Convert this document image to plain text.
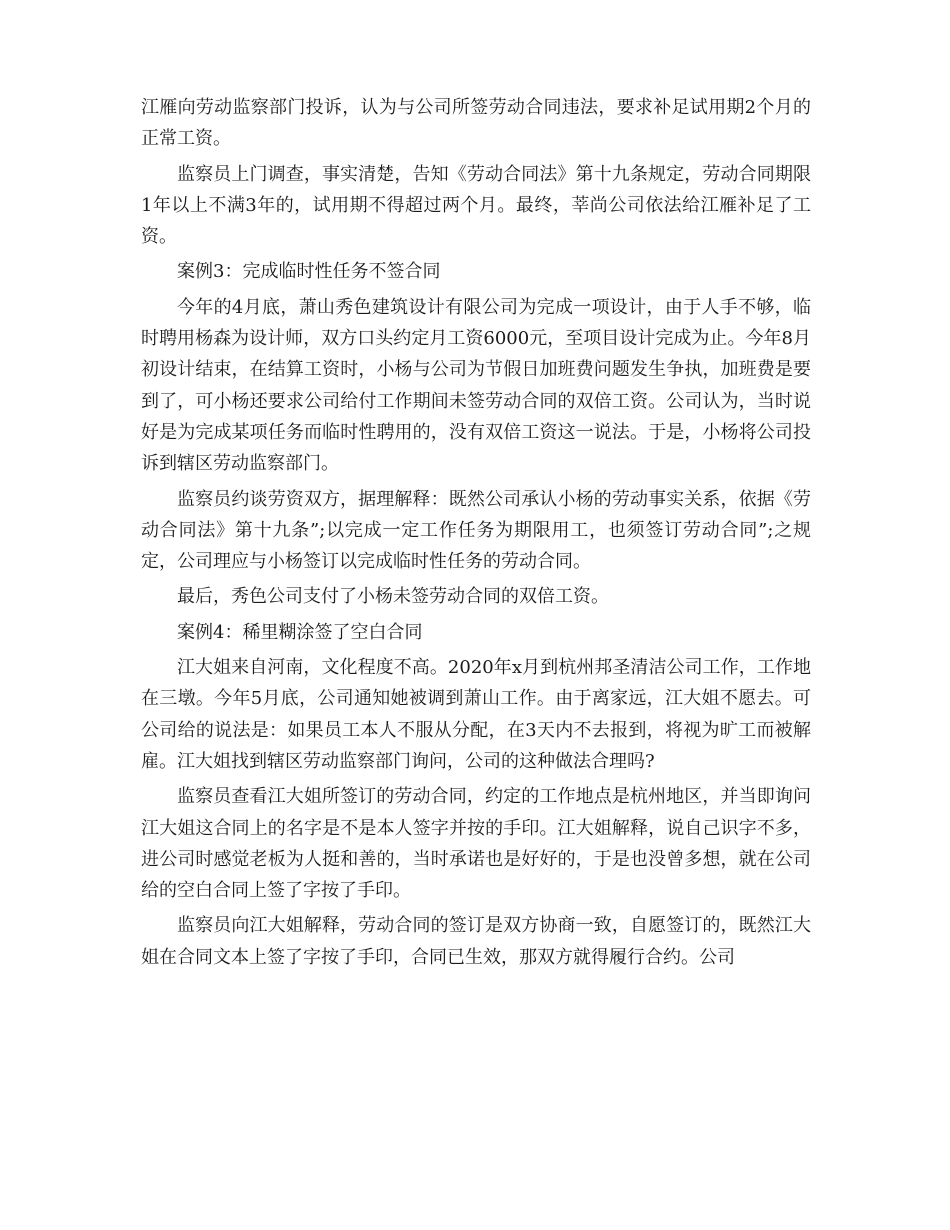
江雁向劳动监察部门投诉，认为与公司所签劳动合同违法，要求补足试用期2个月的正常工资。

监察员上门调查，事实清楚，告知《劳动合同法》第十九条规定，劳动合同期限1年以上不满3年的，试用期不得超过两个月。最终，莘尚公司依法给江雁补足了工资。

案例3：完成临时性任务不签合同

今年的4月底，萧山秀色建筑设计有限公司为完成一项设计，由于人手不够，临时聘用杨森为设计师，双方口头约定月工资6000元，至项目设计完成为止。今年8月初设计结束，在结算工资时，小杨与公司为节假日加班费问题发生争执，加班费是要到了，可小杨还要求公司给付工作期间未签劳动合同的双倍工资。公司认为，当时说好是为完成某项任务而临时性聘用的，没有双倍工资这一说法。于是，小杨将公司投诉到辖区劳动监察部门。

监察员约谈劳资双方，据理解释：既然公司承认小杨的劳动事实关系，依据《劳动合同法》第十九条”;以完成一定工作任务为期限用工，也须签订劳动合同”;之规定，公司理应与小杨签订以完成临时性任务的劳动合同。

最后，秀色公司支付了小杨未签劳动合同的双倍工资。

案例4：稀里糊涂签了空白合同

江大姐来自河南，文化程度不高。2020年x月到杭州邦圣清洁公司工作，工作地在三墩。今年5月底，公司通知她被调到萧山工作。由于离家远，江大姐不愿去。可公司给的说法是：如果员工本人不服从分配，在3天内不去报到，将视为旷工而被解雇。江大姐找到辖区劳动监察部门询问，公司的这种做法合理吗?

监察员查看江大姐所签订的劳动合同，约定的工作地点是杭州地区，并当即询问江大姐这合同上的名字是不是本人签字并按的手印。江大姐解释，说自己识字不多，进公司时感觉老板为人挺和善的，当时承诺也是好好的，于是也没曾多想，就在公司给的空白合同上签了字按了手印。

监察员向江大姐解释，劳动合同的签订是双方协商一致，自愿签订的，既然江大姐在合同文本上签了字按了手印，合同已生效，那双方就得履行合约。公司
